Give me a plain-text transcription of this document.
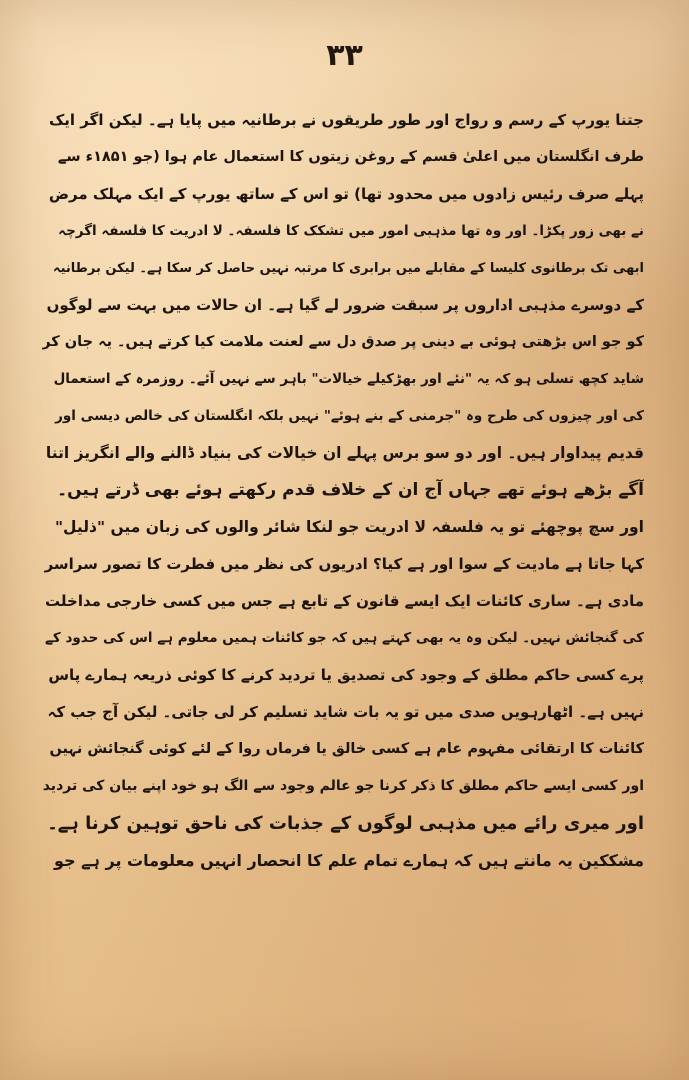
۳۳
جتنا یورپ کے رسم و رواج اور طور طریقوں نے برطانیہ میں پایا ہے۔ لیکن اگر ایک
طرف انگلستان میں اعلیٰ قسم کے روغن زیتوں کا استعمال عام ہوا (جو ۱۸۵۱ء سے
پہلے صرف رئیس زادوں میں محدود تھا) تو اس کے ساتھ یورپ کے ایک مہلک مرض
نے بھی زور پکڑا۔ اور وہ تھا مذہبی امور میں تشکک کا فلسفہ۔ لا ادریت کا فلسفہ اگرچہ
ابھی تک برطانوی کلیسا کے مقابلے میں برابری کا مرتبہ نہیں حاصل کر سکا ہے۔ لیکن برطانیہ
کے دوسرے مذہبی اداروں پر سبقت ضرور لے گیا ہے۔ ان حالات میں بہت سے لوگوں
کو جو اس بڑھتی ہوئی بے دینی پر صدق دل سے لعنت ملامت کیا کرتے ہیں۔ یہ جان کر
شاید کچھ تسلی ہو کہ یہ "نئے اور بھڑکیلے خیالات" باہر سے نہیں آئے۔ روزمرہ کے استعمال
کی اور چیزوں کی طرح وہ "جرمنی کے بنے ہوئے" نہیں بلکہ انگلستان کی خالص دیسی اور
قدیم پیداوار ہیں۔ اور دو سو برس پہلے ان خیالات کی بنیاد ڈالنے والے انگریز اتنا
آگے بڑھے ہوئے تھے جہاں آج ان کے خلاف قدم رکھتے ہوئے بھی ڈرتے ہیں۔
اور سچ پوچھئے تو یہ فلسفہ لا ادریت جو لنکا شائر والوں کی زبان میں "ذلیل"
کہا جاتا ہے مادیت کے سوا اور ہے کیا؟ ادریوں کی نظر میں فطرت کا تصور سراسر
مادی ہے۔ ساری کائنات ایک ایسے قانون کے تابع ہے جس میں کسی خارجی مداخلت
کی گنجائش نہیں۔ لیکن وہ یہ بھی کہتے ہیں کہ جو کائنات ہمیں معلوم ہے اس کی حدود کے
پرے کسی حاکم مطلق کے وجود کی تصدیق یا تردید کرنے کا کوئی ذریعہ ہمارے پاس
نہیں ہے۔ اٹھارہویں صدی میں تو یہ بات شاید تسلیم کر لی جاتی۔ لیکن آج جب کہ
کائنات کا ارتقائی مفہوم عام ہے کسی خالق یا فرماں روا کے لئے کوئی گنجائش نہیں
اور کسی ایسے حاکم مطلق کا ذکر کرنا جو عالم وجود سے الگ ہو خود اپنے بیان کی تردید
اور میری رائے میں مذہبی لوگوں کے جذبات کی ناحق توہین کرنا ہے۔
مشککین یہ مانتے ہیں کہ ہمارے تمام علم کا انحصار انہیں معلومات پر ہے جو
